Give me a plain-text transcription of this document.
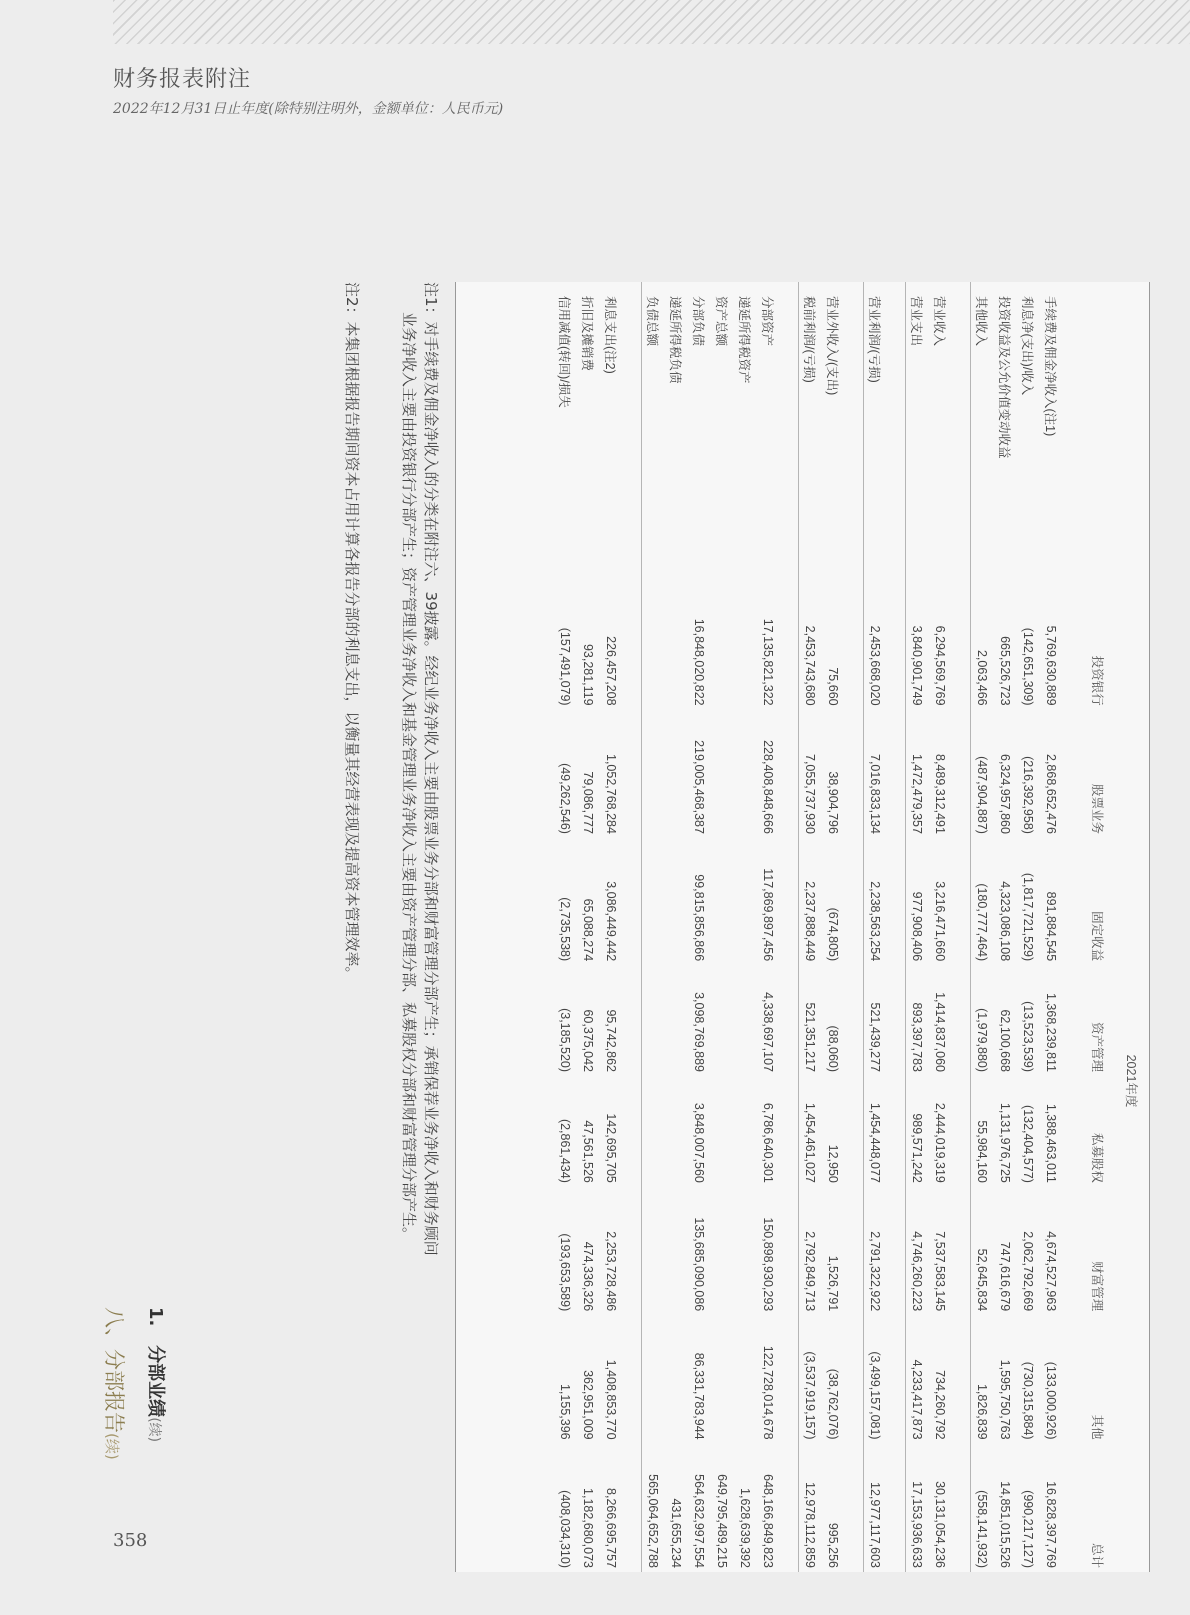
财务报表附注
2022年12月31日止年度(除特别注明外，金额单位：人民币元)
358
八、分部报告(续)
1.   分部业绩(续)
	2021年度							
	投资银行	股票业务	固定收益	资产管理	私募股权	财富管理	其他	总计

手续费及佣金净收入(注1)	5,769,630,889	2,868,652,476	891,884,545	1,368,239,811	1,388,463,011	4,674,527,963	(133,000,926)	16,828,397,769
利息净(支出)/收入	(142,651,309)	(216,392,958)	(1,817,721,529)	(13,523,539)	(132,404,577)	2,062,792,669	(730,315,884)	(990,217,127)
投资收益及公允价值变动收益	665,526,723	6,324,957,860	4,323,086,108	62,100,668	1,131,976,725	747,616,679	1,595,750,763	14,851,015,526
其他收入	2,063,466	(487,904,887)	(180,777,464)	(1,979,880)	55,984,160	52,645,834	1,826,839	(558,141,932)

营业收入	6,294,569,769	8,489,312,491	3,216,471,660	1,414,837,060	2,444,019,319	7,537,583,145	734,260,792	30,131,054,236
营业支出	3,840,901,749	1,472,479,357	977,908,406	893,397,783	989,571,242	4,746,260,223	4,233,417,873	17,153,936,633

营业利润/(亏损)	2,453,668,020	7,016,833,134	2,238,563,254	521,439,277	1,454,448,077	2,791,322,922	(3,499,157,081)	12,977,117,603

营业外收入/(支出)	75,660	38,904,796	(674,805)	(88,060)	12,950	1,526,791	(38,762,076)	995,256
税前利润/(亏损)	2,453,743,680	7,055,737,930	2,237,888,449	521,351,217	1,454,461,027	2,792,849,713	(3,537,919,157)	12,978,112,859

分部资产	17,135,821,322	228,408,848,666	117,869,897,456	4,338,697,107	6,786,640,301	150,898,930,293	122,728,014,678	648,166,849,823
递延所得税资产								1,628,639,392
资产总额								649,795,489,215
分部负债	16,848,020,822	219,005,468,387	99,815,856,866	3,098,769,889	3,848,007,560	135,685,090,086	86,331,783,944	564,632,997,554
递延所得税负债								431,655,234
负债总额								565,064,652,788

利息支出(注2)	226,457,208	1,052,768,284	3,086,449,442	95,742,862	142,695,705	2,253,728,486	1,408,853,770	8,266,695,757
折旧及摊销费	93,281,119	79,086,777	65,088,274	60,375,042	47,561,526	474,336,326	362,951,009	1,182,680,073
信用减值(转回)/损失	(157,491,079)	(49,262,546)	(2,735,538)	(3,185,520)	(2,861,434)	(193,653,589)	1,155,396	(408,034,310)

注1：对手续费及佣金净收入的分类在附注六、39披露。经纪业务净收入主要由股票业务分部和财富管理分部产生；承销保荐业务净收入和财务顾问

业务净收入主要由投资银行分部产生；资产管理业务净收入和基金管理业务净收入主要由资产管理分部、私募股权分部和财富管理分部产生。

注2：本集团根据报告期间资本占用计算各报告分部的利息支出，以衡量其经营表现及提高资本管理效率。
